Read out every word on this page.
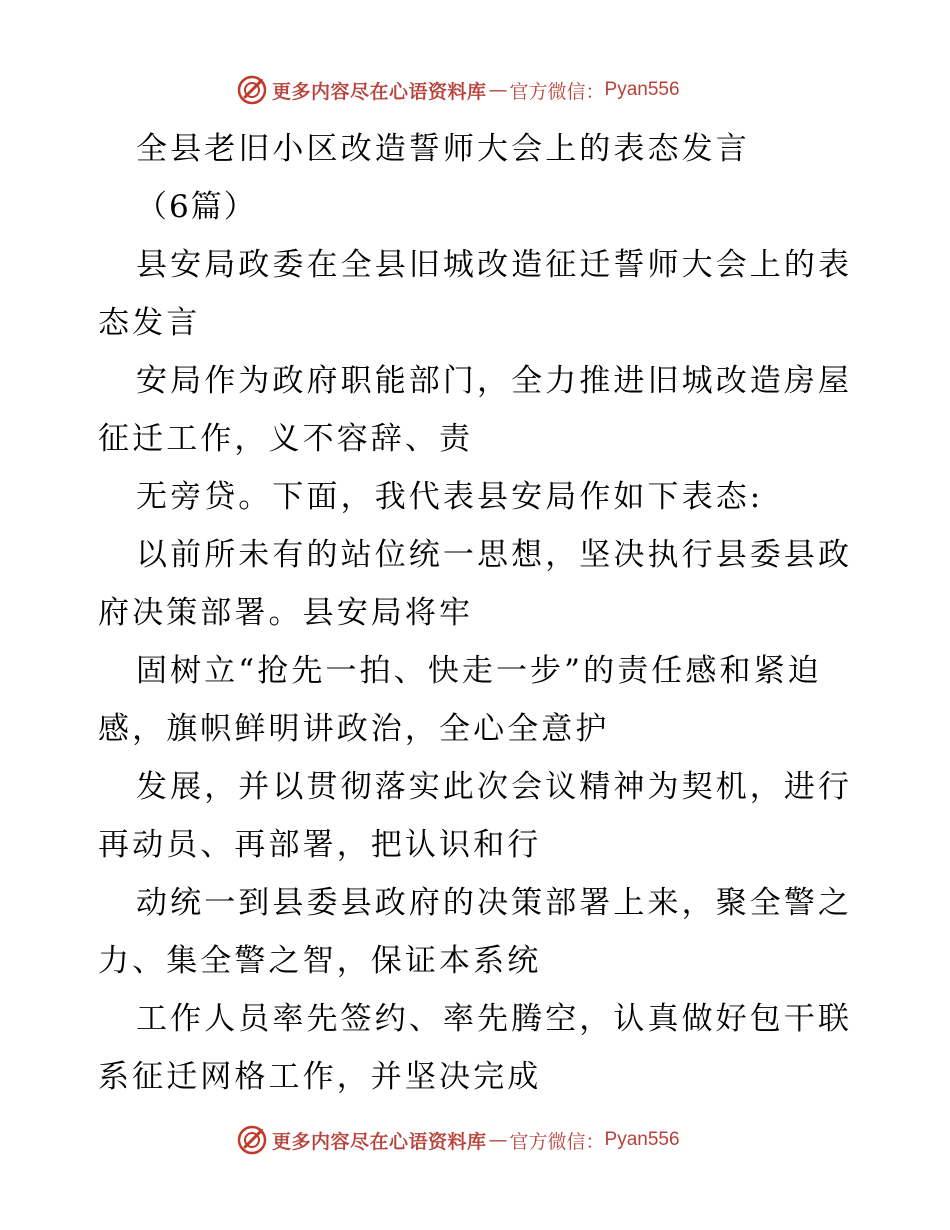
更多内容尽在心语资料库 — 官方微信： Pyan556

全县老旧小区改造誓师大会上的表态发言

（6篇）

县安局政委在全县旧城改造征迁誓师大会上的表

态发言

安局作为政府职能部门，全力推进旧城改造房屋

征迁工作，义不容辞、责

无旁贷。下面，我代表县安局作如下表态:

以前所未有的站位统一思想，坚决执行县委县政

府决策部署。县安局将牢

固树立“抢先一拍、快走一步”的责任感和紧迫

感，旗帜鲜明讲政治，全心全意护

发展，并以贯彻落实此次会议精神为契机，进行

再动员、再部署，把认识和行

动统一到县委县政府的决策部署上来，聚全警之

力、集全警之智，保证本系统

工作人员率先签约、率先腾空，认真做好包干联

系征迁网格工作，并坚决完成

更多内容尽在心语资料库 — 官方微信： Pyan556
